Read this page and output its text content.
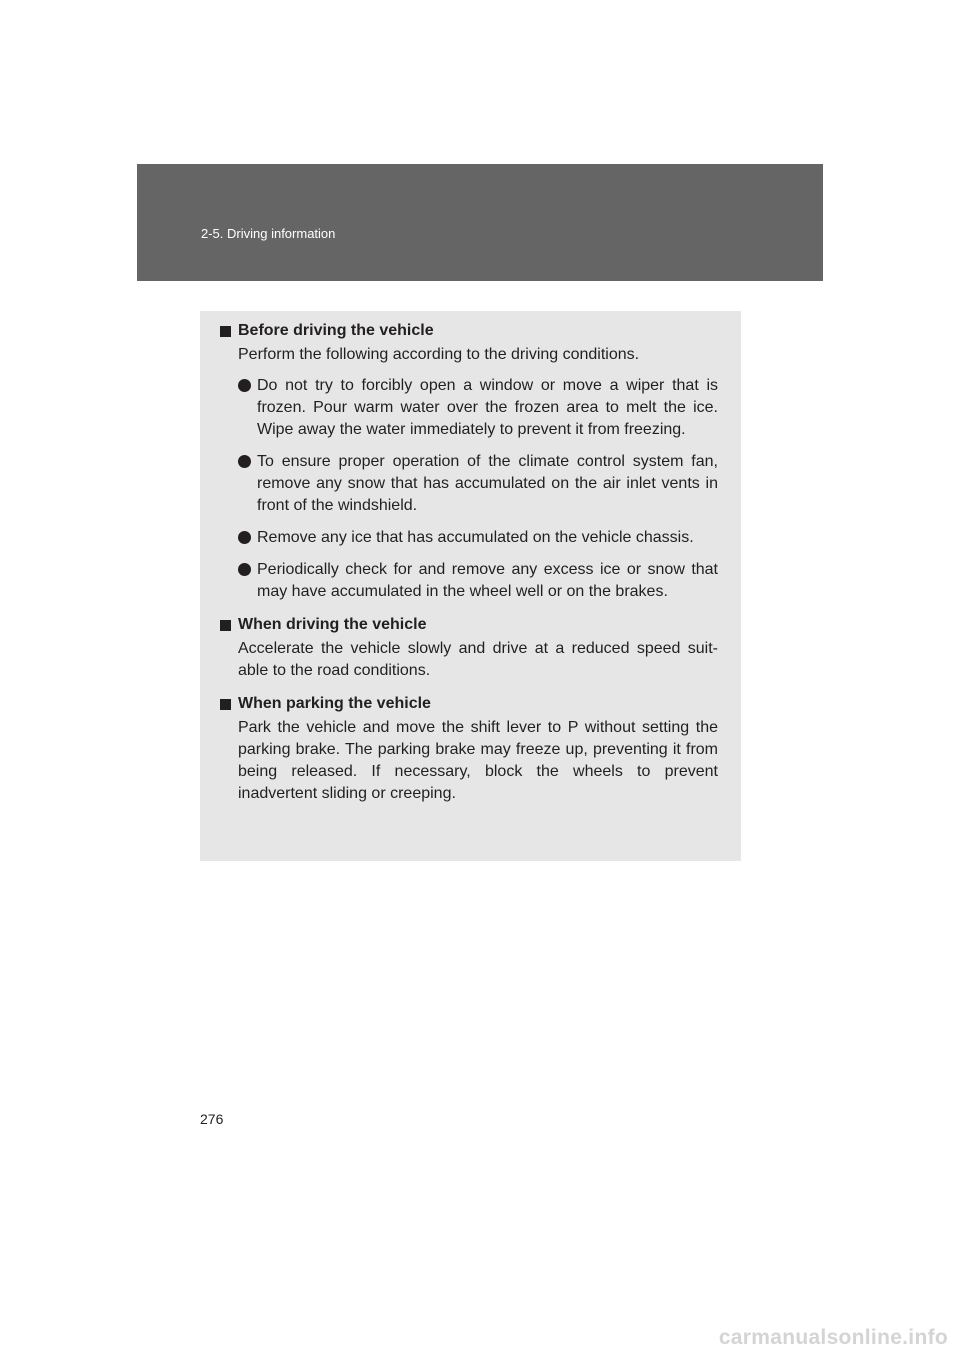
2-5. Driving information
Before driving the vehicle
Perform the following according to the driving conditions.
Do not try to forcibly open a window or move a wiper that is frozen. Pour warm water over the frozen area to melt the ice. Wipe away the water immediately to prevent it from freezing.
To ensure proper operation of the climate control system fan, remove any snow that has accumulated on the air inlet vents in front of the windshield.
Remove any ice that has accumulated on the vehicle chassis.
Periodically check for and remove any excess ice or snow that may have accumulated in the wheel well or on the brakes.
When driving the vehicle
Accelerate the vehicle slowly and drive at a reduced speed suit-able to the road conditions.
When parking the vehicle
Park the vehicle and move the shift lever to P without setting the parking brake. The parking brake may freeze up, preventing it from being released. If necessary, block the wheels to prevent inadvertent sliding or creeping.
276
carmanualsonline.info
